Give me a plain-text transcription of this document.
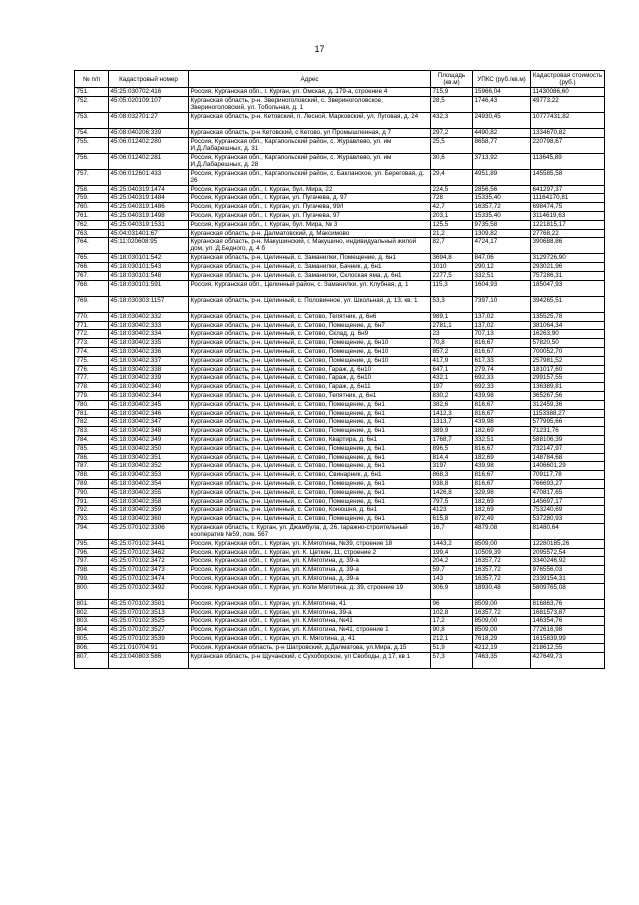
17
№ п/п	Кадастровый номер	Адрес	Площадь (кв.м)	УПКС (руб./кв.м)	Кадастровая стоимость (руб.)
751.	45:25:030702:416	Россия, Курганская обл., г. Курган, ул. Омская, д. 179-а, строение 4	715,9	15966,04	11430086,60
752.	45:05:020109:107	Курганская область, р-н. Звериноголовский, с. Звериноголовское, Звериноголовский, ул. Тобольная, д. 1	28,5	1746,43	49773,22
753.	45:08:032701:27	Курганская область, р-н. Кетовский, п. Лесной, Марковский, ул. Луговая, д. 24	432,3	24930,45	10777431,82
754.	45:08:040206:339	Курганская область, р-н Кетовский, с Кетово, ул Промышленная, д 7	297,2	4490,82	1334670,82
755.	45:06:012402:280	Россия, Курганская обл., Каргапольский район, с. Журавлево, ул. им И.Д.Лабарешных, д. 31	25,5	8658,77	220798,67
756.	45:06:012402:281	Россия, Курганская обл., Каргапольский район, с. Журавлево, ул. им И.Д.Лабарешных, д. 28	30,6	3713,92	113645,89
757.	45:06:012601:433	Россия, Курганская обл., Каргапольский район, с. Бакланское, ул. Береговая, д. 26	29,4	4951,89	145585,58
758.	45:25:040319:1474	Россия, Курганская обл., г. Курган, бул. Мира, 22	224,5	2856,56	641297,37
759.	45:25:040319:1484	Россия, Курганская обл., г. Курган, ул. Пугачева, д. 97	728	15335,40	11164170,81
760.	45:25:040319:1486	Россия, Курганская обл., г. Курган, ул. Пугачева, 99/I	42,7	16357,72	698474,75
761.	45:25:040319:1498	Россия, Курганская обл., г. Курган, ул. Пугачева, 97	203,1	15335,40	3114619,63
762.	45:25:040319:1531	Россия, Курганская обл., г. Курган, бул. Мира, № 3	125,5	9735,58	1221815,17
763.	45:04:031401:67	Курганская область, р-н. Далматовский, д. Максимово	21,2	1309,82	27768,22
764.	45:11:020608:95	Курганская область, р-н. Макушинский, г. Макушино, индивидуальный жилой дом, ул. Д.Бедного, д. 4 б	82,7	4724,17	390688,86
765.	45:18:030101:542	Курганская область, р-н. Целинный, с. Заманилки, Помещение, д. 6н1	3694,8	847,06	3129726,90
766.	45:18:030101:543	Курганская область, р-н. Целинный, с. Заманилки, Бачник, д. 6н1	1010	290,12	293021,96
767.	45:18:030101:548	Курганская область, р-н. Целинный, с. Заманилки, Склоская яма, д. 6н1	2277,5	332,51	757286,31
768.	45:18:030101:591	Россия, Курганская обл., Целинный район, с. Заманилки, ул. Клубная, д. 1	115,3	1604,93	185047,93
769.	45:18:030303:1157	Курганская область, р-н. Целинный, с. Половинное, ул. Школьная, д. 13, кв. 1	53,3	7397,10	394265,51
770.	45:18:030402:332	Курганская область, р-н. Целинный, с. Сетово, Телятник, д. 6н6	989,1	137,02	135525,78
771.	45:18:030402:333	Курганская область, р-н. Целинный, с. Сетово, Помещение, д. 6н7	2781,1	137,02	381064,34
772.	45:18:030402:334	Курганская область, р-н. Целинный, с. Сетово, Склад, д. 6н9	23	707,13	16263,90
773.	45:18:030402:335	Курганская область, р-н. Целинный, с. Сетово, Помещение, д. 6н10	70,8	816,67	57820,50
774.	45:18:030402:336	Курганская область, р-н. Целинный, с. Сетово, Помещение, д. 6н10	857,2	816,67	700052,70
775.	45:18:030402:337	Курганская область, р-н. Целинный, с. Сетово, Помещение, д. 6н10	417,9	617,33	257981,52
776.	45:18:030402:338	Курганская область, р-н. Целинный, с. Сетово, Гараж, д. 6н10	647,1	279,74	181017,60
777.	45:18:030402:339	Курганская область, р-н. Целинный, с. Сетово, Гараж, д. 6н10	432,1	692,33	299157,55
778.	45:18:030402:340	Курганская область, р-н. Целинный, с. Сетово, Гараж, д. 6н11	197	692,33	136389,81
779.	45:18:030402:344	Курганская область, р-н. Целинный, с. Сетово, Телятник, д. 6н1	830,2	439,98	365267,56
780.	45:18:030402:345	Курганская область, р-н. Целинный, с. Сетово, Помещение, д. 6н1	382,6	816,67	312459,36
781.	45:18:030402:346	Курганская область, р-н. Целинный, с. Сетово, Помещение, д. 6н1	1412,3	816,67	1153388,27
782.	45:18:030402:347	Курганская область, р-н. Целинный, с. Сетово, Помещение, д. 6н1	1313,7	439,98	577995,66
783.	45:18:030402:348	Курганская область, р-н. Целинный, с. Сетово, Помещение, д. 6н1	389,9	182,69	71231,76
784.	45:18:030402:349	Курганская область, р-н. Целинный, с. Сетово, Квартира, д. 6н1	1768,7	332,51	588106,39
785.	45:18:030402:350	Курганская область, р-н. Целинный, с. Сетово, Помещение, д. 6н1	896,5	816,67	732147,97
786.	45:18:030402:351	Курганская область, р-н. Целинный, с. Сетово, Помещение, д. 6н1	814,4	182,69	148784,68
787.	45:18:030402:352	Курганская область, р-н. Целинный, с. Сетово, Помещение, д. 6н1	3197	439,98	1406601,29
788.	45:18:030402:353	Курганская область, р-н. Целинный, с. Сетово, Свинарник, д. 6н1	868,3	816,67	709117,78
789.	45:18:030402:354	Курганская область, р-н. Целинный, с. Сетово, Помещение, д. 6н1	938,8	816,67	766693,27
790.	45:18:030402:355	Курганская область, р-н. Целинный, с. Сетово, Помещение, д. 6н1	1426,8	329,98	470817,65
791.	45:18:030402:358	Курганская область, р-н. Целинный, с. Сетово, Помещение, д. 6н1	797,5	182,69	145697,17
792.	45:18:030402:359	Курганская область, р-н. Целинный, с. Сетово, Конюшня, д. 6н1	4123	182,69	753240,69
793.	45:18:030402:360	Курганская область, р-н. Целинный, с. Сетово, Помещение, д. 6н1	615,8	872,49	537280,93
794.	45:25:070102:3306	Курганская область, г. Курган, ул. Джамбула, д. 26, гаражно-строительный кооператив №59, пом. 567	16,7	4879,08	81480,64
795.	45:25:070102:3441	Россия, Курганская обл., г. Курган, ул. К.Мяготина, №39, строение 18	1443,2	8509,00	12280185,26
796.	45:25:070102:3462	Россия, Курганская обл., г. Курган, ул. К. Цеткин, 11, строение 2	199,4	10509,39	2095572,54
797.	45:25:070102:3472	Россия, Курганская обл., г. Курган, ул. К.Мяготина, д. 39-а	204,2	16357,72	3340246,92
798.	45:25:070102:3473	Россия, Курганская обл., г. Курган, ул. К.Мяготина, д. 39-а	59,7	16357,72	976556,03
799.	45:25:070102:3474	Россия, Курганская обл., г. Курган, ул. К.Мяготина, д. 39-а	143	16357,72	2339154,31
800.	45:25:070102:3492	Россия, Курганская обл., г. Курган, ул. Коли Мяготина, д. 39, строение 19	306,9	18930,48	5809765,08
801.	45:25:070102:3501	Россия, Курганская обл., г. Курган, ул. К.Мяготина, 41	96	8509,00	816863,76
802.	45:25:070102:3513	Россия, Курганская обл., г. Курган, ул. К.Мяготина, 39-а	102,8	16357,72	1681573,87
803.	45:25:070102:3525	Россия, Курганская обл., г. Курган, ул. К.Мяготина, №41	17,2	8509,00	146354,76
804.	45:25:070102:3527	Россия, Курганская обл., г. Курган, ул. К.Мяготина, №41, строение 1	90,8	8509,00	772616,98
805.	45:25:070102:3539	Россия, Курганская обл., г. Курган, ул. К. Мяготина, д. 41	212,1	7618,29	1615839,99
806.	45:21:010704:91	Россия, Курганская область, р-н Шатровский, д.Далматова, ул.Мира, д.15	51,9	4212,19	218612,55
807.	45:23:040803:586	Курганская область, р-н Щучанский, с Сухоборское, ул Свободы, д 17, кв 1	57,3	7463,35	427649,73
